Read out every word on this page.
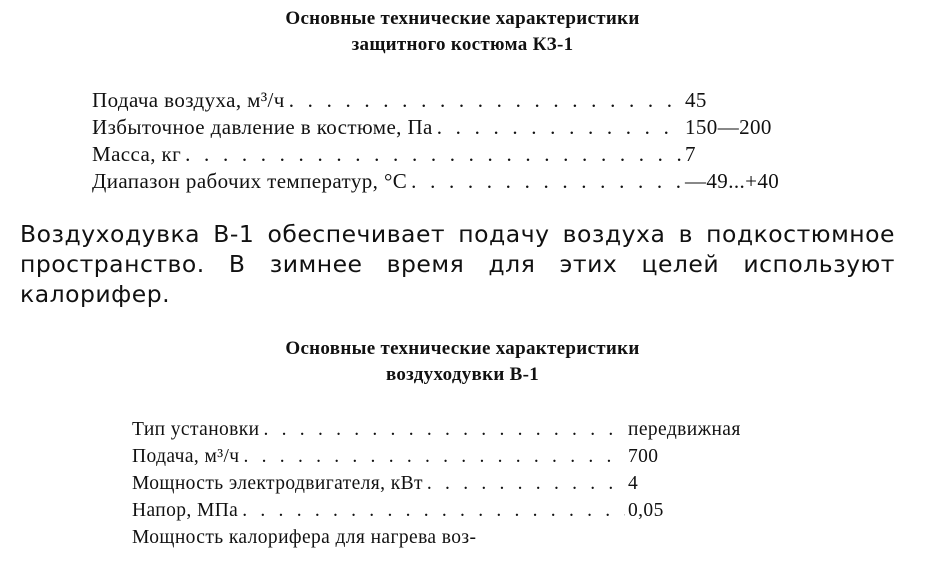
Основные технические характеристики
защитного костюма КЗ-1
Подача воздуха, м³/ч . . .	45
Избыточное давление в костюме, Па . . .	150—200
Масса, кг . . .	7
Диапазон рабочих температур, °С . . .	—49...+40
Воздуходувка В-1 обеспечивает подачу воздуха в подкостюмное пространство. В зимнее время для этих целей используют калорифер.
Основные технические характеристики
воздуходувки В-1
Тип установки . . .	передвижная
Подача, м³/ч . . .	700
Мощность электродвигателя, кВт . . .	4
Напор, МПа . . .	0,05
Мощность калорифера для нагрева воз-
